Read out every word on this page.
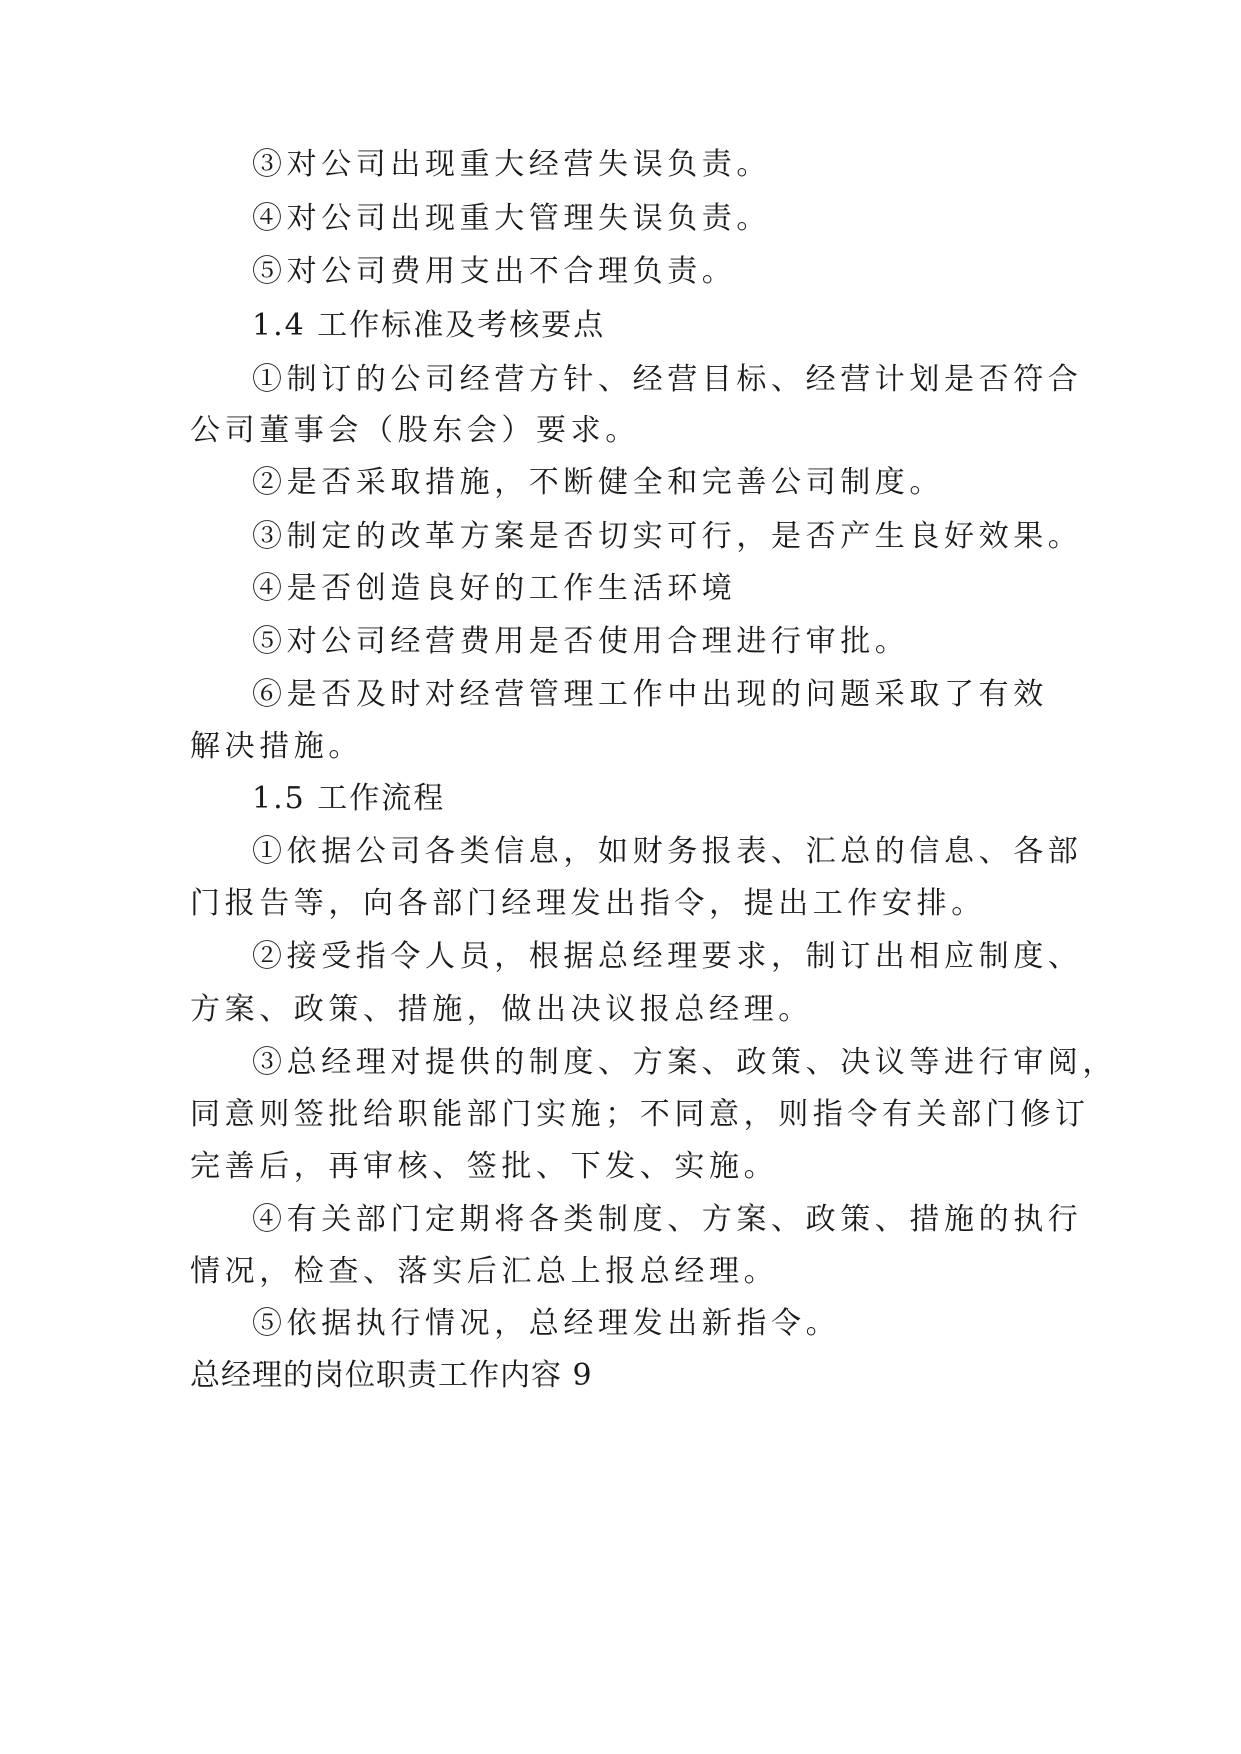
③对公司出现重大经营失误负责。
④对公司出现重大管理失误负责。
⑤对公司费用支出不合理负责。
1.4 工作标准及考核要点
①制订的公司经营方针、经营目标、经营计划是否符合
公司董事会（股东会）要求。
②是否采取措施，不断健全和完善公司制度。
③制定的改革方案是否切实可行，是否产生良好效果。
④是否创造良好的工作生活环境
⑤对公司经营费用是否使用合理进行审批。
⑥是否及时对经营管理工作中出现的问题采取了有效
解决措施。
1.5 工作流程
①依据公司各类信息，如财务报表、汇总的信息、各部
门报告等，向各部门经理发出指令，提出工作安排。
②接受指令人员，根据总经理要求，制订出相应制度、
方案、政策、措施，做出决议报总经理。
③总经理对提供的制度、方案、政策、决议等进行审阅，
同意则签批给职能部门实施；不同意，则指令有关部门修订
完善后，再审核、签批、下发、实施。
④有关部门定期将各类制度、方案、政策、措施的执行
情况，检查、落实后汇总上报总经理。
⑤依据执行情况，总经理发出新指令。
总经理的岗位职责工作内容 9
